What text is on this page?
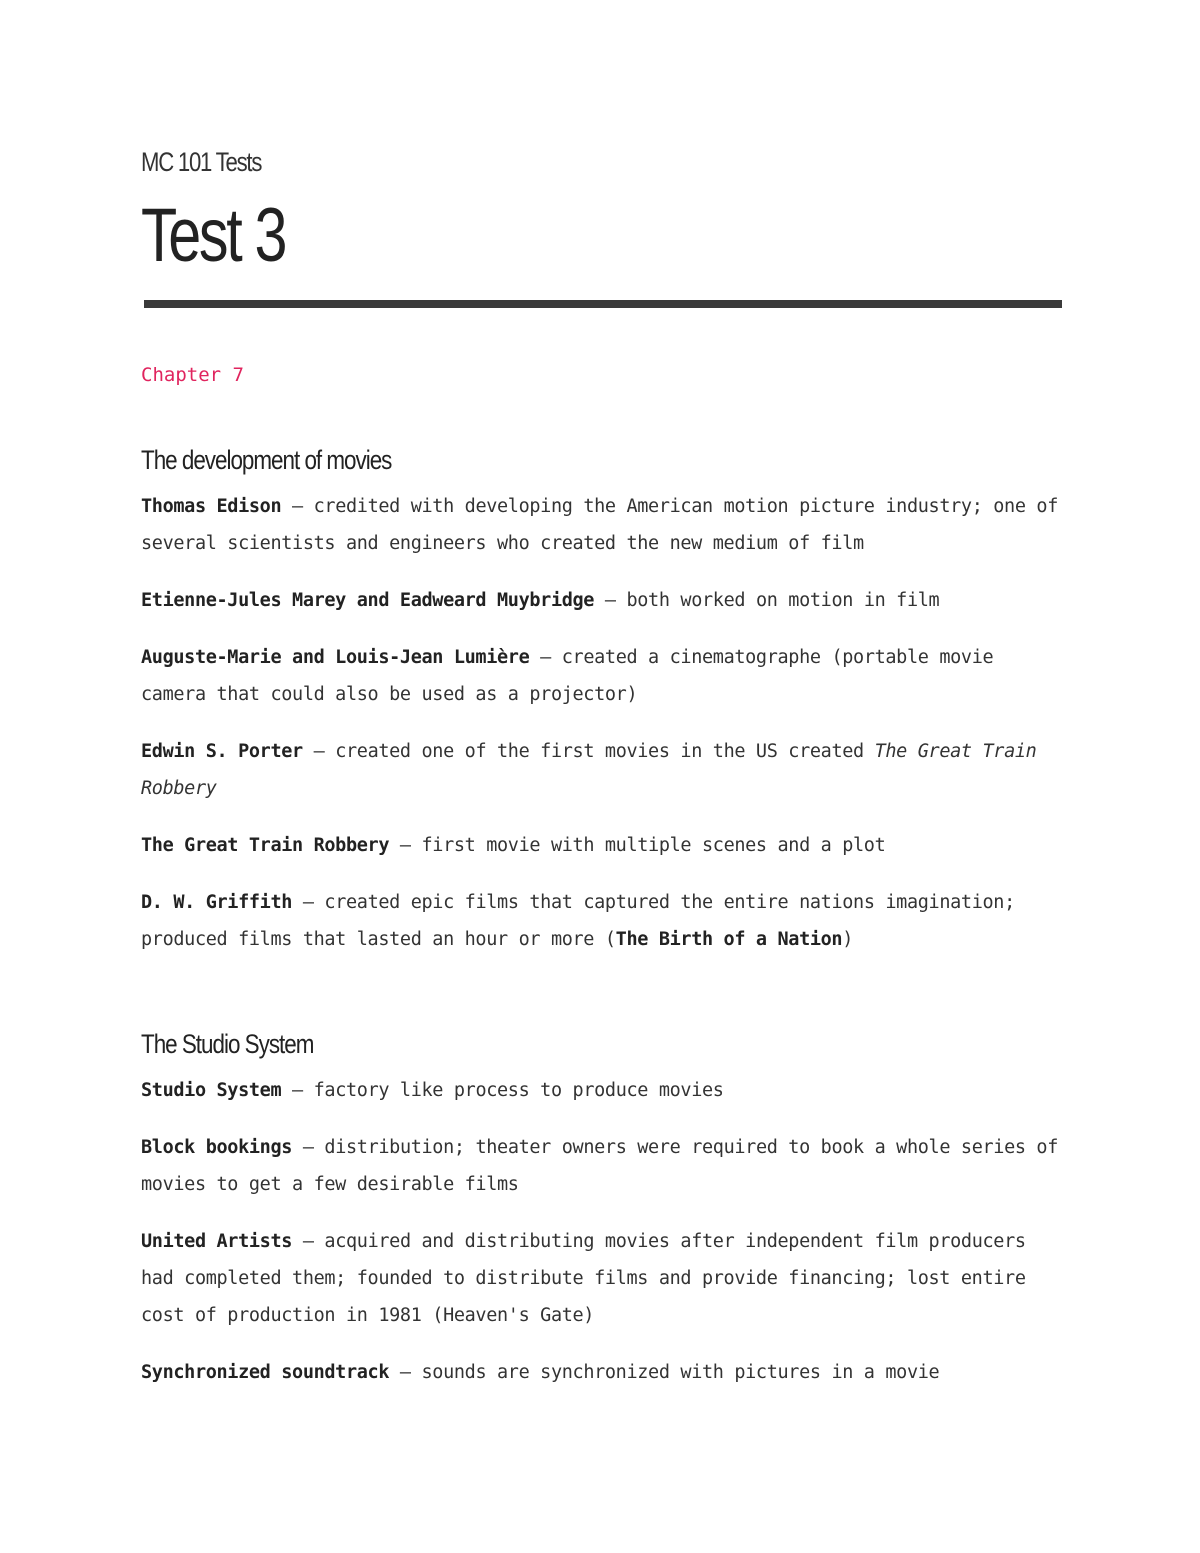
MC 101 Tests
Test 3
Chapter 7
The development of movies

Thomas Edison – credited with developing the American motion picture industry; one of several scientists and engineers who created the new medium of film

Etienne-Jules Marey and Eadweard Muybridge – both worked on motion in film

Auguste-Marie and Louis-Jean Lumière – created a cinematographe (portable movie camera that could also be used as a projector)

Edwin S. Porter – created one of the first movies in the US created The Great Train Robbery

The Great Train Robbery – first movie with multiple scenes and a plot

D. W. Griffith – created epic films that captured the entire nations imagination; produced films that lasted an hour or more (The Birth of a Nation)

The Studio System

Studio System – factory like process to produce movies

Block bookings – distribution; theater owners were required to book a whole series of movies to get a few desirable films

United Artists – acquired and distributing movies after independent film producers had completed them; founded to distribute films and provide financing; lost entire cost of production in 1981 (Heaven's Gate)

Synchronized soundtrack – sounds are synchronized with pictures in a movie
